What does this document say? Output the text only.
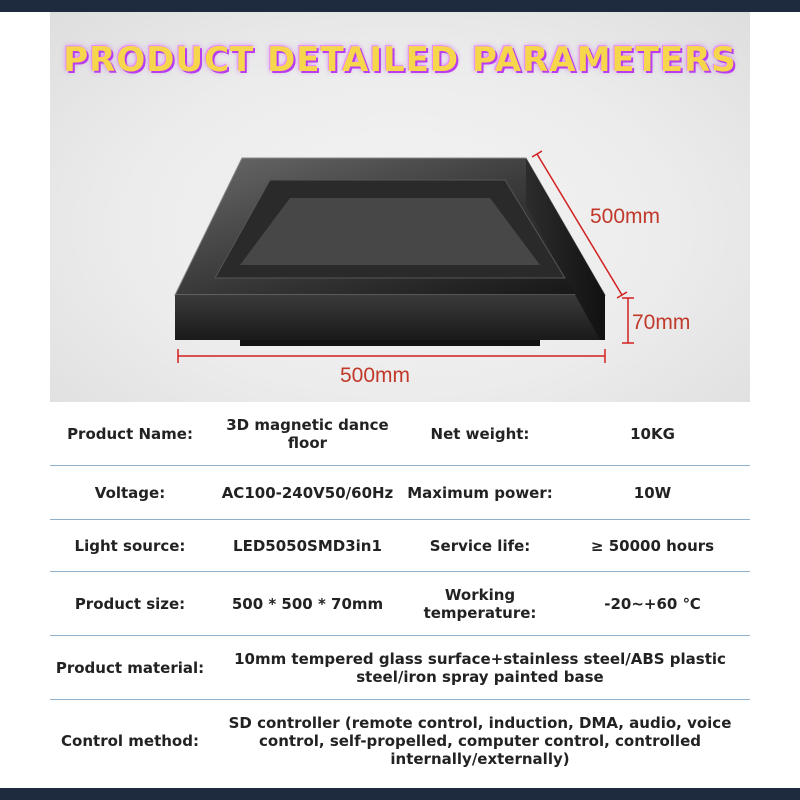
PRODUCT DETAILED PARAMETERS
500mm
70mm
500mm
Product Name:	3D magnetic dance floor	Net weight:	10KG
Voltage:	AC100-240V50/60Hz Maximum power:	10W
Light source:	LED5050SMD3in1	Service life:	≥ 50000 hours
Product size:	500 * 500 * 70mm	Working temperature:	-20~+60 ℃
Product material:	10mm tempered glass surface+stainless steel/ABS plastic steel/iron spray painted base
Control method:
SD controller (remote control, induction, DMA, audio, voice control, self-propelled, computer control, controlled internally/externally)
